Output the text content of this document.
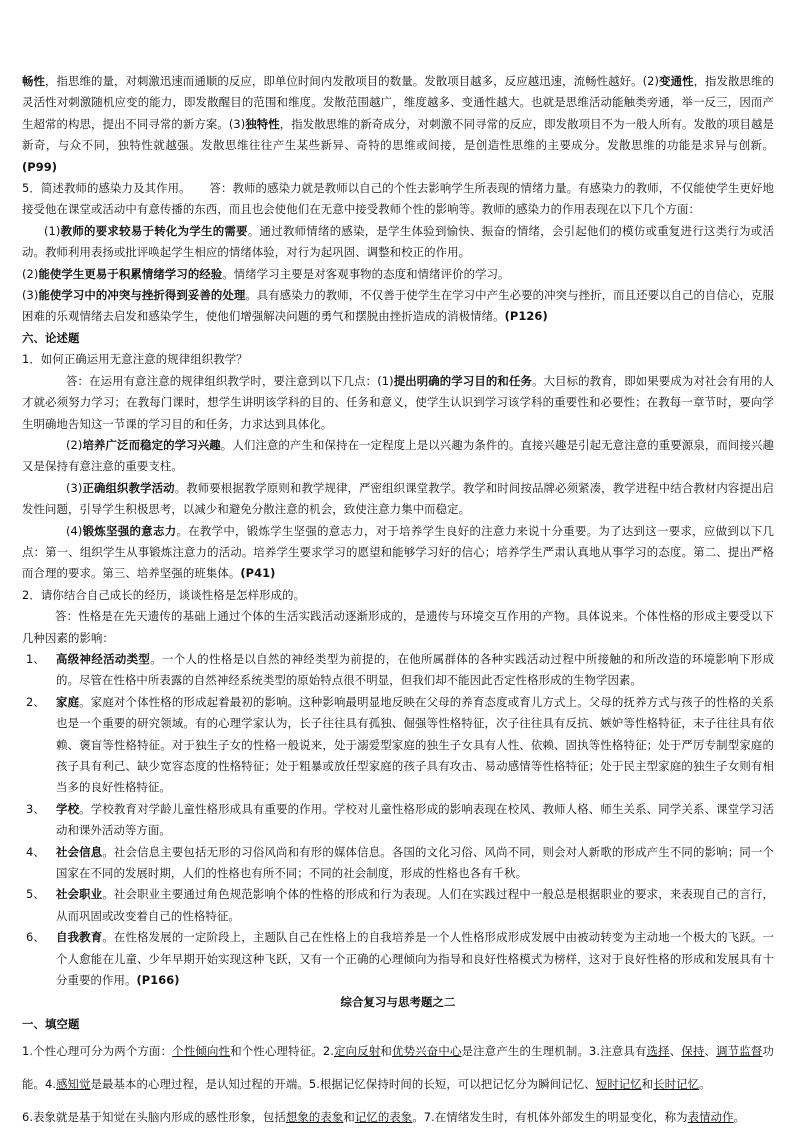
畅性，指思维的量，对刺激迅速而通顺的反应，即单位时间内发散项目的数量。发散项目越多，反应越迅速，流畅性越好。(2)变通性，指发散思维的灵活性对刺激随机应变的能力，即发散醒目的范围和维度。发散范围越广，维度越多、变通性越大。也就是思维活动能触类旁通，举一反三，因而产生超常的构思，提出不同寻常的新方案。(3)独特性，指发散思维的新奇成分，对刺激不同寻常的反应，即发散项目不为一般人所有。发散的项目越是新奇，与众不同，独特性就越强。发散思维往往产生某些新异、奇特的思维或间接，是创造性思维的主要成分。发散思维的功能是求异与创新。(P99)

5．简述教师的感染力及其作用。 答：教师的感染力就是教师以自己的个性去影响学生所表现的情绪力量。有感染力的教师，不仅能使学生更好地接受他在课堂或活动中有意传播的东西，而且也会使他们在无意中接受教师个性的影响等。教师的感染力的作用表现在以下几个方面：

(1)教师的要求较易于转化为学生的需要。通过教师情绪的感染，是学生体验到愉快、振奋的情绪，会引起他们的模仿或重复进行这类行为或活动。教师利用表扬或批评唤起学生相应的情绪体验，对行为起巩固、调整和校正的作用。

(2)能使学生更易于积累情绪学习的经验。情绪学习主要是对客观事物的态度和情绪评价的学习。

(3)能使学习中的冲突与挫折得到妥善的处理。具有感染力的教师，不仅善于使学生在学习中产生必要的冲突与挫折，而且还要以自己的自信心，克服困难的乐观情绪去启发和感染学生，使他们增强解决问题的勇气和摆脱由挫折造成的消极情绪。(P126)

六、论述题

1．如何正确运用无意注意的规律组织教学？

答：在运用有意注意的规律组织教学时，要注意到以下几点：(1)提出明确的学习目的和任务。大目标的教育，即如果要成为对社会有用的人才就必须努力学习；在教每门课时，想学生讲明该学科的目的、任务和意义，使学生认识到学习该学科的重要性和必要性；在教每一章节时，要向学生明确地告知这一节课的学习目的和任务，力求达到具体化。

(2)培养广泛而稳定的学习兴趣。人们注意的产生和保持在一定程度上是以兴趣为条件的。直接兴趣是引起无意注意的重要源泉，而间接兴趣又是保持有意注意的重要支柱。

(3)正确组织教学活动。教师要根据教学原则和教学规律，严密组织课堂教学。教学和时间按品牌必须紧凑，教学进程中结合教材内容提出启发性问题，引导学生积极思考，以减少和避免分散注意的机会，致使注意力集中而稳定。

(4)锻炼坚强的意志力。在教学中，锻炼学生坚强的意志力，对于培养学生良好的注意力来说十分重要。为了达到这一要求，应做到以下几点：第一、组织学生从事锻炼注意力的活动。培养学生要求学习的愿望和能够学习好的信心；培养学生严肃认真地从事学习的态度。第二、提出严格而合理的要求。第三、培养坚强的班集体。(P41)

2．请你结合自己成长的经历，谈谈性格是怎样形成的。

答：性格是在先天遗传的基础上通过个体的生活实践活动逐渐形成的，是遗传与环境交互作用的产物。具体说来。个体性格的形成主要受以下几种因素的影响：

1、 高级神经活动类型。一个人的性格是以自然的神经类型为前提的，在他所属群体的各种实践活动过程中所接触的和所改造的环境影响下形成的。尽管在性格中所表露的自然神经系统类型的原始特点很不明显，但我们却不能因此否定性格形成的生物学因素。
2、 家庭。家庭对个体性格的形成起着最初的影响。这种影响最明显地反映在父母的养育态度或育儿方式上。父母的抚养方式与孩子的性格的关系也是一个重要的研究领域。有的心理学家认为，长子往往具有孤独、倔强等性格特征，次子往往具有反抗、嫉妒等性格特征，末子往往具有依赖、褒盲等性格特征。对于独生子女的性格一般说来，处于溺爱型家庭的独生子女具有人性、依赖、固执等性格特征；处于严厉专制型家庭的孩子具有利己、缺少宽容态度的性格特征；处于粗暴或放任型家庭的孩子具有攻击、易动感情等性格特征；处于民主型家庭的独生子女则有相当多的良好性格特征。
3、 学校。学校教育对学龄儿童性格形成具有重要的作用。学校对儿童性格形成的影响表现在校风、教师人格、师生关系、同学关系、课堂学习活动和课外活动等方面。
4、 社会信息。社会信息主要包括无形的习俗风尚和有形的媒体信息。各国的文化习俗、风尚不同，则会对人新歌的形成产生不同的影响；同一个国家在不同的发展时期，人们的性格也有所不同；不同的社会制度，形成的性格也各有千秋。
5、 社会职业。社会职业主要通过角色规范影响个体的性格的形成和行为表现。人们在实践过程中一般总是根据职业的要求，来表现自己的言行，从而巩固或改变着自己的性格特征。
6、 自我教育。在性格发展的一定阶段上，主题队自己在性格上的自我培养是一个人性格形成形成发展中由被动转变为主动地一个极大的飞跃。一个人愈能在儿童、少年早期开始实现这种飞跃，又有一个正确的心理倾向为指导和良好性格模式为榜样，这对于良好性格的形成和发展具有十分重要的作用。(P166)

综合复习与思考题之二

一、填空题

1.个性心理可分为两个方面：个性倾向性和个性心理特征。2.定向反射和优势兴奋中心是注意产生的生理机制。3.注意具有选择、保持、调节监督功能。4.感知觉是最基本的心理过程，是认知过程的开端。5.根据记忆保持时间的长短，可以把记忆分为瞬间记忆、短时记忆和长时记忆。
6.表象就是基于知觉在头脑内形成的感性形象，包括想象的表象和记忆的表象。7.在情绪发生时，有机体外部发生的明显变化，称为表情动作。
